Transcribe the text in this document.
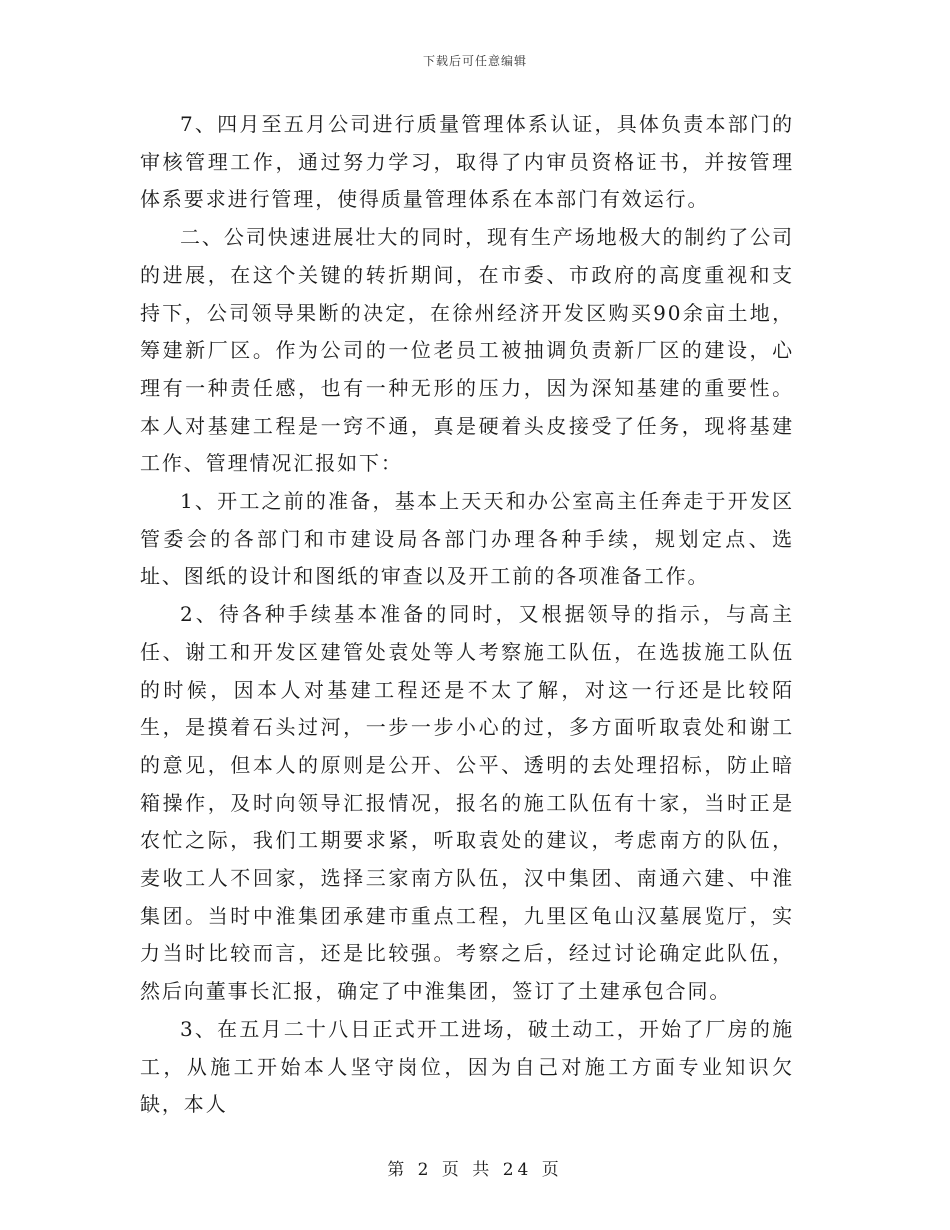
下载后可任意编辑

7、四月至五月公司进行质量管理体系认证，具体负责本部门的审核管理工作，通过努力学习，取得了内审员资格证书，并按管理体系要求进行管理，使得质量管理体系在本部门有效运行。

二、公司快速进展壮大的同时，现有生产场地极大的制约了公司的进展，在这个关键的转折期间，在市委、市政府的高度重视和支持下，公司领导果断的决定，在徐州经济开发区购买90余亩土地，筹建新厂区。作为公司的一位老员工被抽调负责新厂区的建设，心理有一种责任感，也有一种无形的压力，因为深知基建的重要性。本人对基建工程是一窍不通，真是硬着头皮接受了任务，现将基建工作、管理情况汇报如下：

1、开工之前的准备，基本上天天和办公室高主任奔走于开发区管委会的各部门和市建设局各部门办理各种手续，规划定点、选址、图纸的设计和图纸的审查以及开工前的各项准备工作。

2、待各种手续基本准备的同时，又根据领导的指示，与高主任、谢工和开发区建管处袁处等人考察施工队伍，在选拔施工队伍的时候，因本人对基建工程还是不太了解，对这一行还是比较陌生，是摸着石头过河，一步一步小心的过，多方面听取袁处和谢工的意见，但本人的原则是公开、公平、透明的去处理招标，防止暗箱操作，及时向领导汇报情况，报名的施工队伍有十家，当时正是农忙之际，我们工期要求紧，听取袁处的建议，考虑南方的队伍，麦收工人不回家，选择三家南方队伍，汉中集团、南通六建、中淮集团。当时中淮集团承建市重点工程，九里区龟山汉墓展览厅，实力当时比较而言，还是比较强。考察之后，经过讨论确定此队伍，然后向董事长汇报，确定了中淮集团，签订了土建承包合同。

3、在五月二十八日正式开工进场，破土动工，开始了厂房的施工，从施工开始本人坚守岗位，因为自己对施工方面专业知识欠缺，本人

第 2 页 共 24 页
